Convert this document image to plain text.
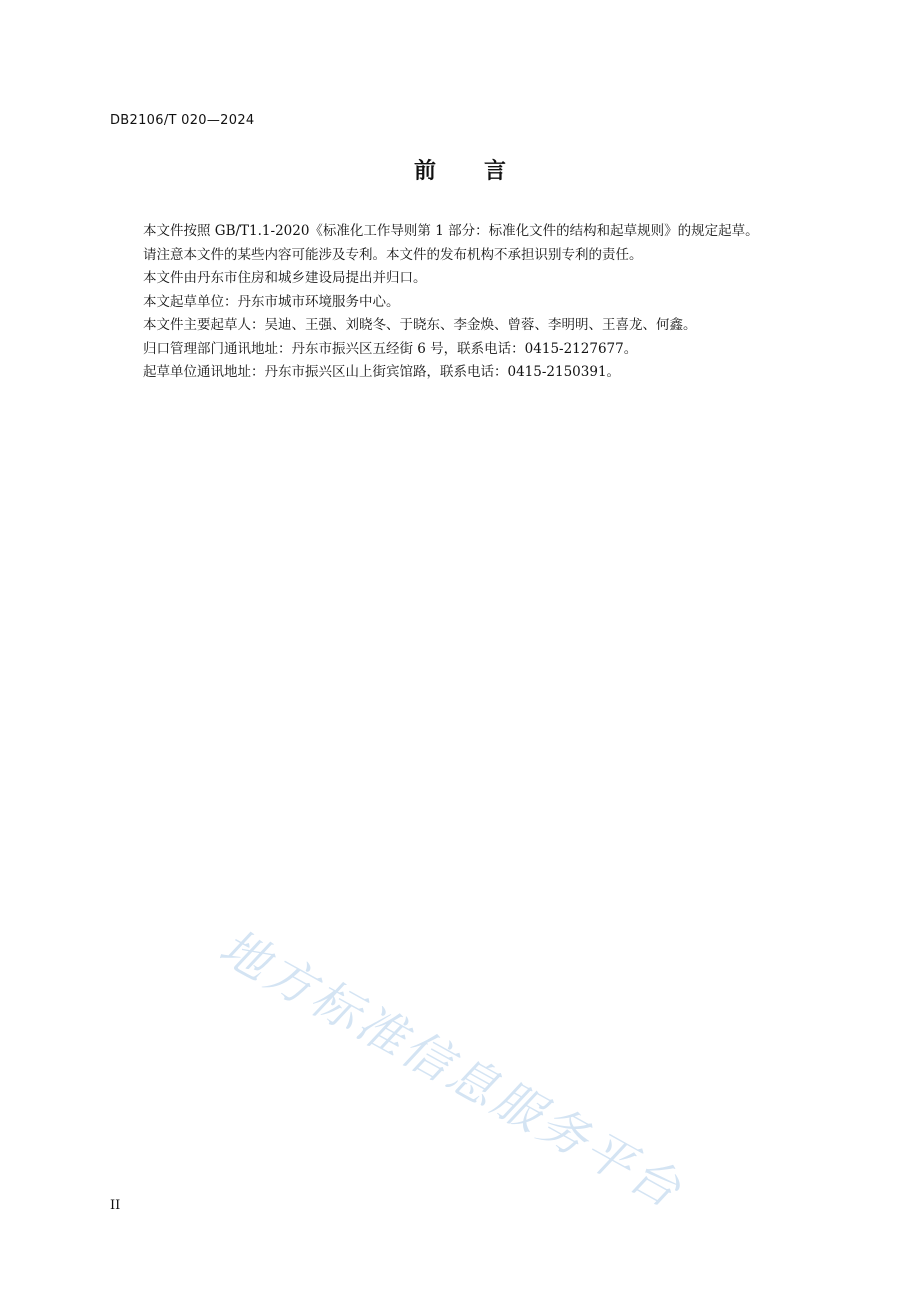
DB2106/T 020—2024
前言

本文件按照 GB/T1.1-2020《标准化工作导则第 1 部分：标准化文件的结构和起草规则》的规定起草。

请注意本文件的某些内容可能涉及专利。本文件的发布机构不承担识别专利的责任。

本文件由丹东市住房和城乡建设局提出并归口。

本文起草单位：丹东市城市环境服务中心。

本文件主要起草人：吴迪、王强、刘晓冬、于晓东、李金焕、曾蓉、李明明、王喜龙、何鑫。

归口管理部门通讯地址：丹东市振兴区五经街 6 号，联系电话：0415-2127677。

起草单位通讯地址：丹东市振兴区山上街宾馆路，联系电话：0415-2150391。

地方标准信息服务平台
II
